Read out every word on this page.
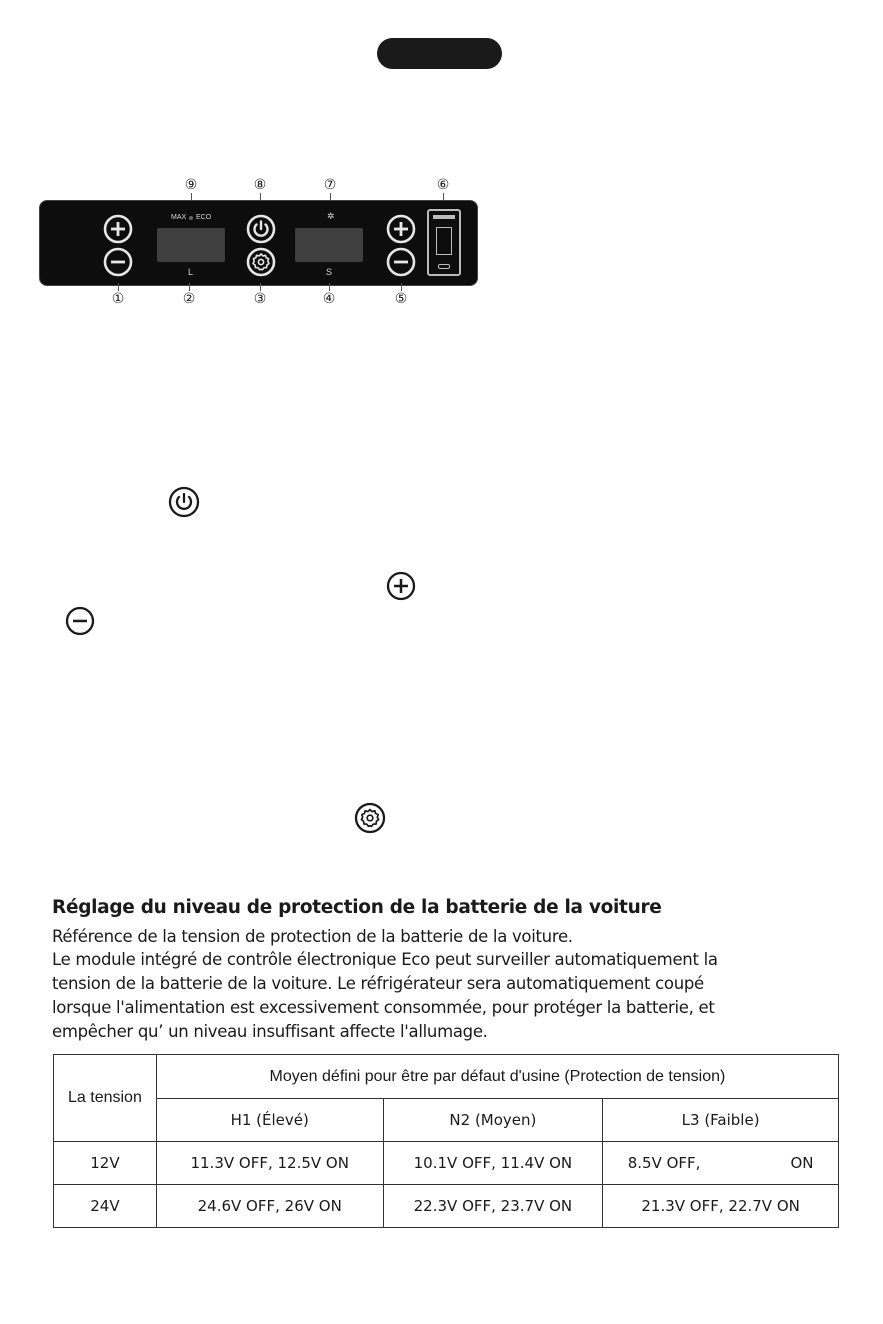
⑨	⑧	⑦	⑥
MAX ECO
L
✲
S
①	②	③	④	⑤
Réglage du niveau de protection de la batterie de la voiture

Référence de la tension de protection de la batterie de la voiture.

Le module intégré de contrôle électronique Eco peut surveiller automatiquement la

tension de la batterie de la voiture. Le réfrigérateur sera automatiquement coupé

lorsque l'alimentation est excessivement consommée, pour protéger la batterie, et

empêcher qu’ un niveau insuffisant affecte l'allumage.

La tension	Moyen défini pour être par défaut d'usine (Protection de tension)		
	H1 (Élevé)	N2 (Moyen)	L3 (Faible)
12V	11.3V OFF, 12.5V ON	10.1V OFF, 11.4V ON	8.5V OFF, ON
24V	24.6V OFF, 26V ON	22.3V OFF, 23.7V ON	21.3V OFF, 22.7V ON
